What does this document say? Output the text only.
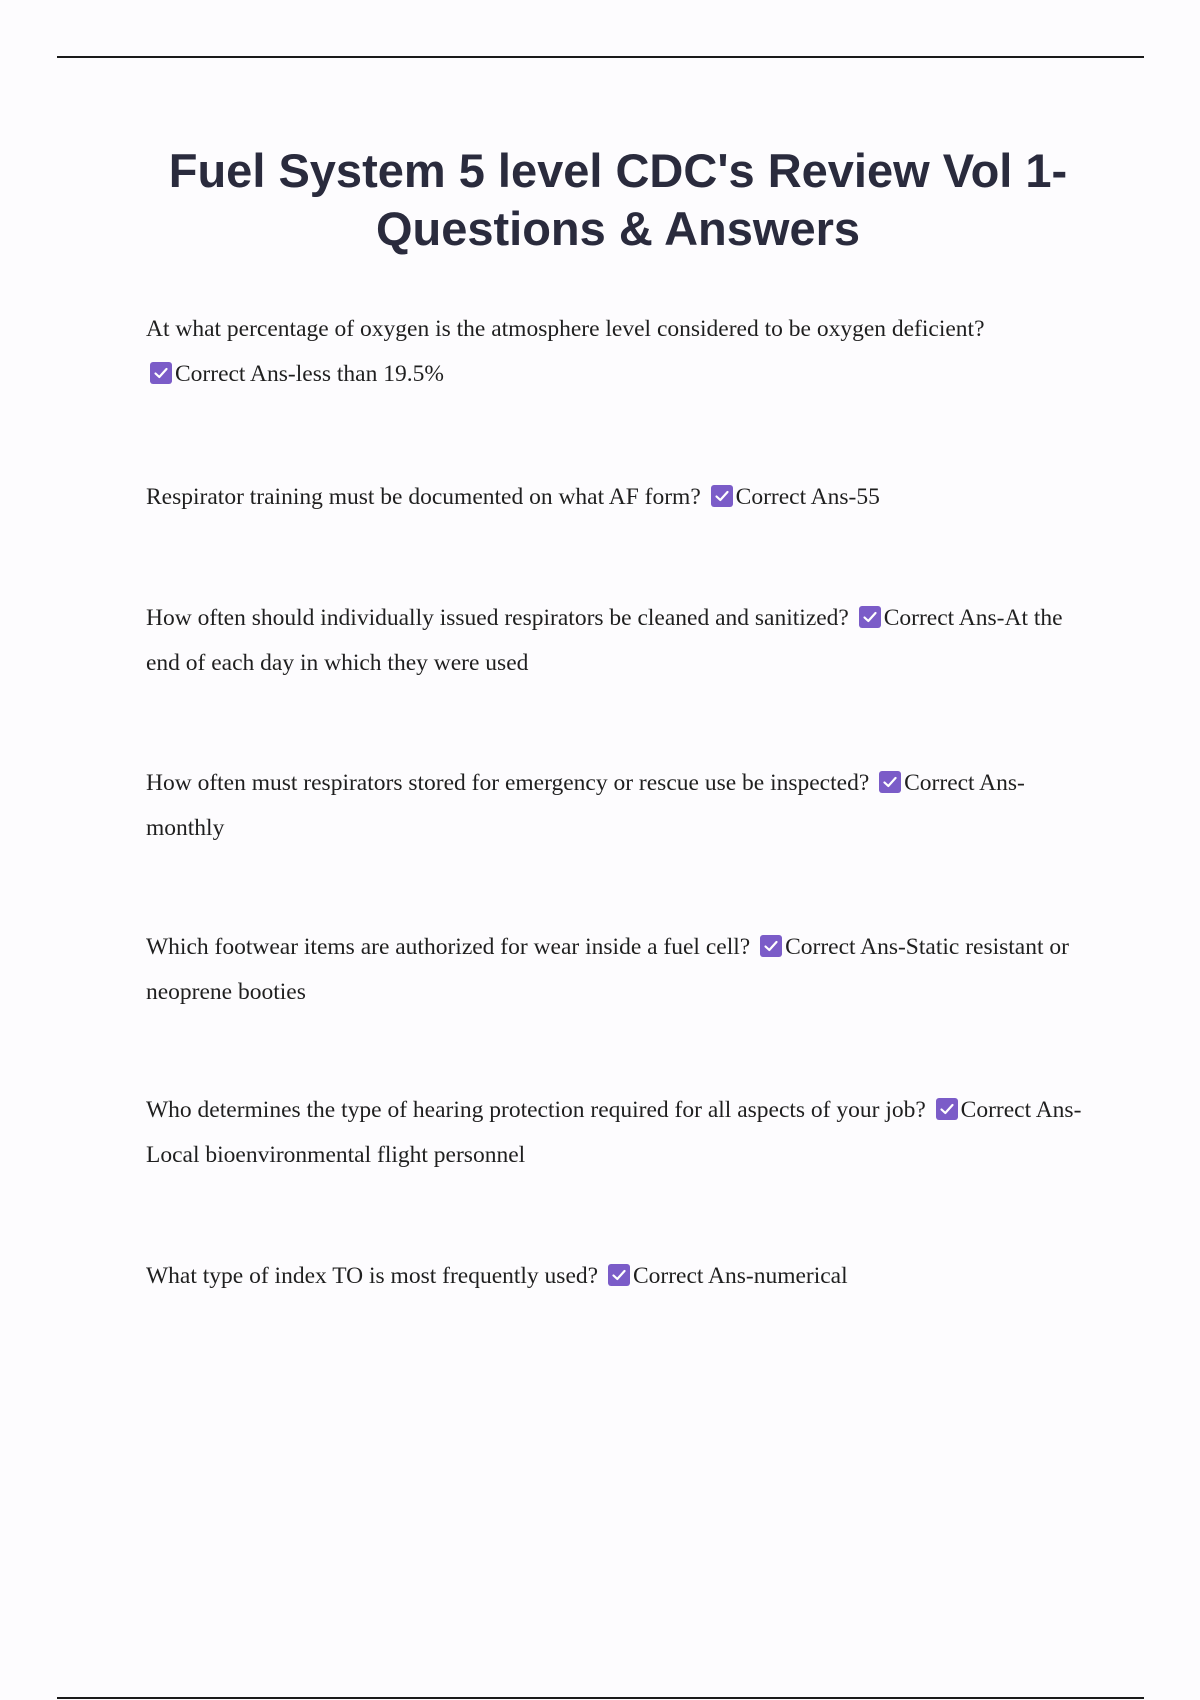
Fuel System 5 level CDC's Review Vol 1- Questions & Answers

At what percentage of oxygen is the atmosphere level considered to be oxygen deficient?

Correct Ans-less than 19.5%

Respirator training must be documented on what AF form? Correct Ans-55

How often should individually issued respirators be cleaned and sanitized? Correct Ans-At the end of each day in which they were used

How often must respirators stored for emergency or rescue use be inspected? Correct Ans-monthly

Which footwear items are authorized for wear inside a fuel cell? Correct Ans-Static resistant or neoprene booties

Who determines the type of hearing protection required for all aspects of your job? Correct Ans-Local bioenvironmental flight personnel

What type of index TO is most frequently used? Correct Ans-numerical
